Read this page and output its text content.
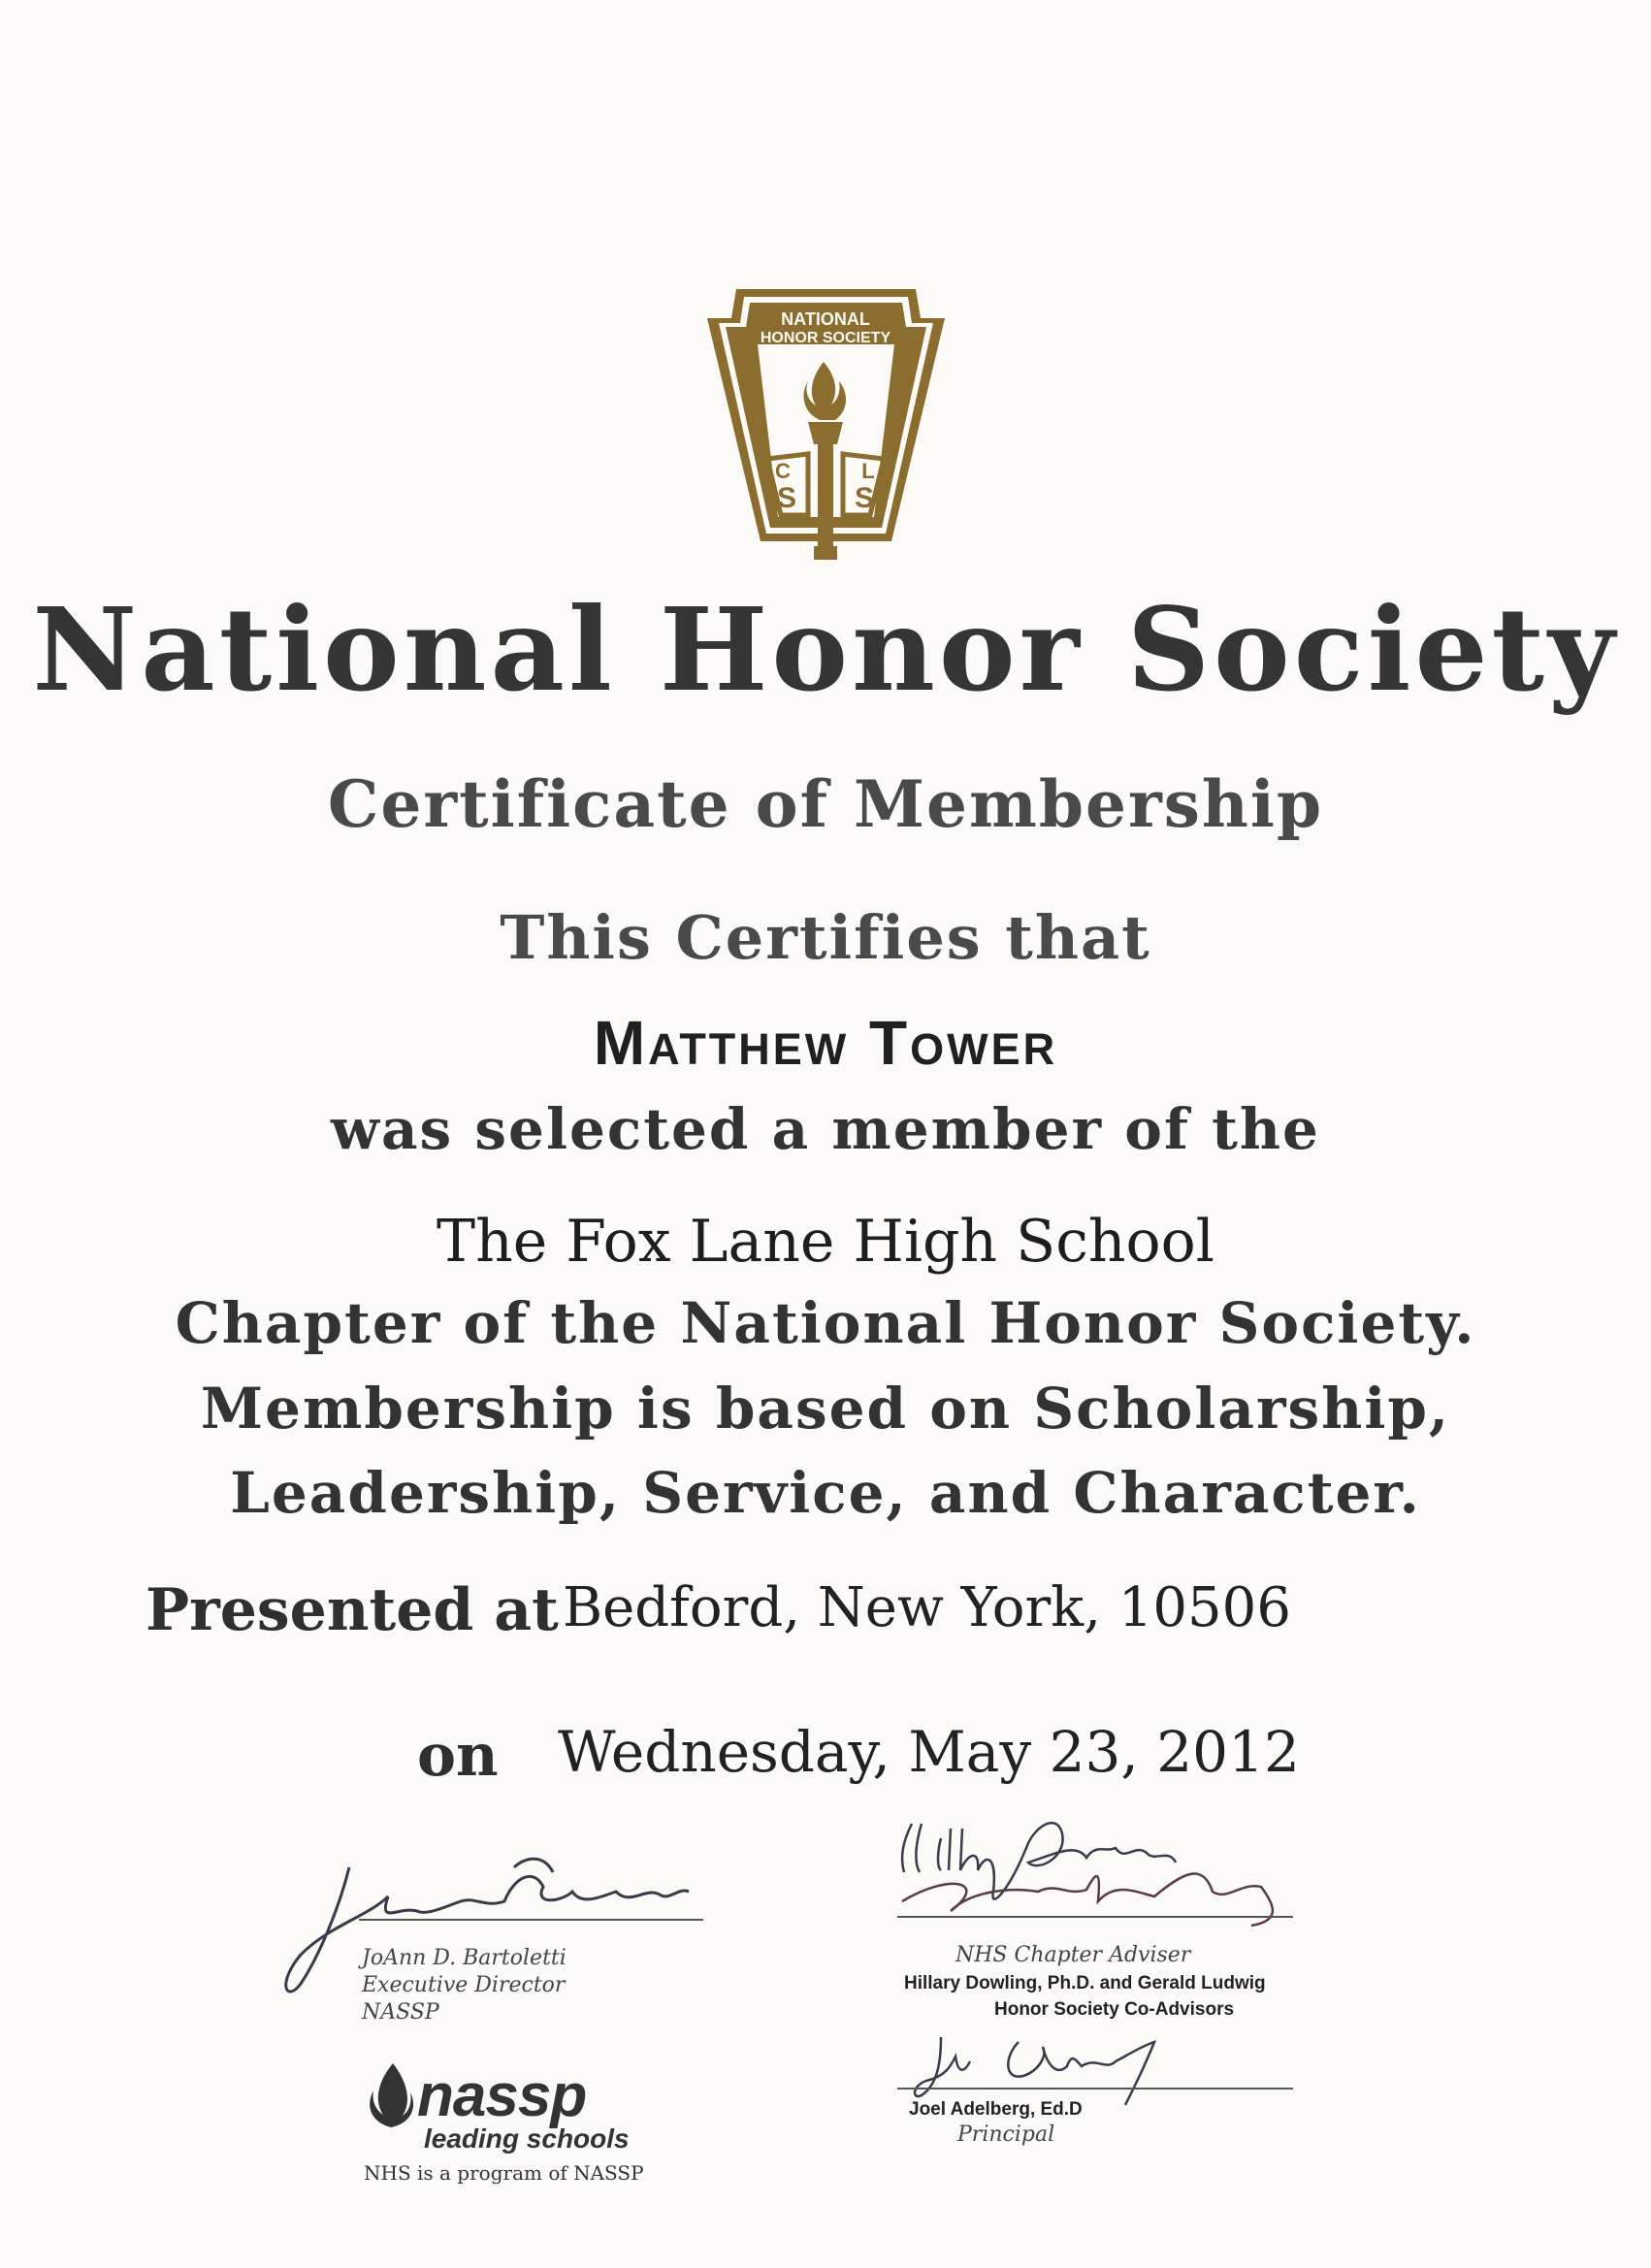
NATIONAL
HONOR SOCIETY
S S
C	L
National Honor Society
Certificate of Membership
This Certifies that
Matthew Tower
was selected a member of the
The Fox Lane High School
Chapter of the National Honor Society.
Membership is based on Scholarship,
Leadership, Service, and Character.
Presented at Bedford, New York, 10506
on Wednesday, May 23, 2012
JoAnn D. Bartoletti
Executive Director
NASSP
NHS Chapter Adviser
Hillary Dowling, Ph.D. and Gerald Ludwig
Honor Society Co-Advisors
Joel Adelberg, Ed.D
Principal
nassp
leading schools
NHS is a program of NASSP
